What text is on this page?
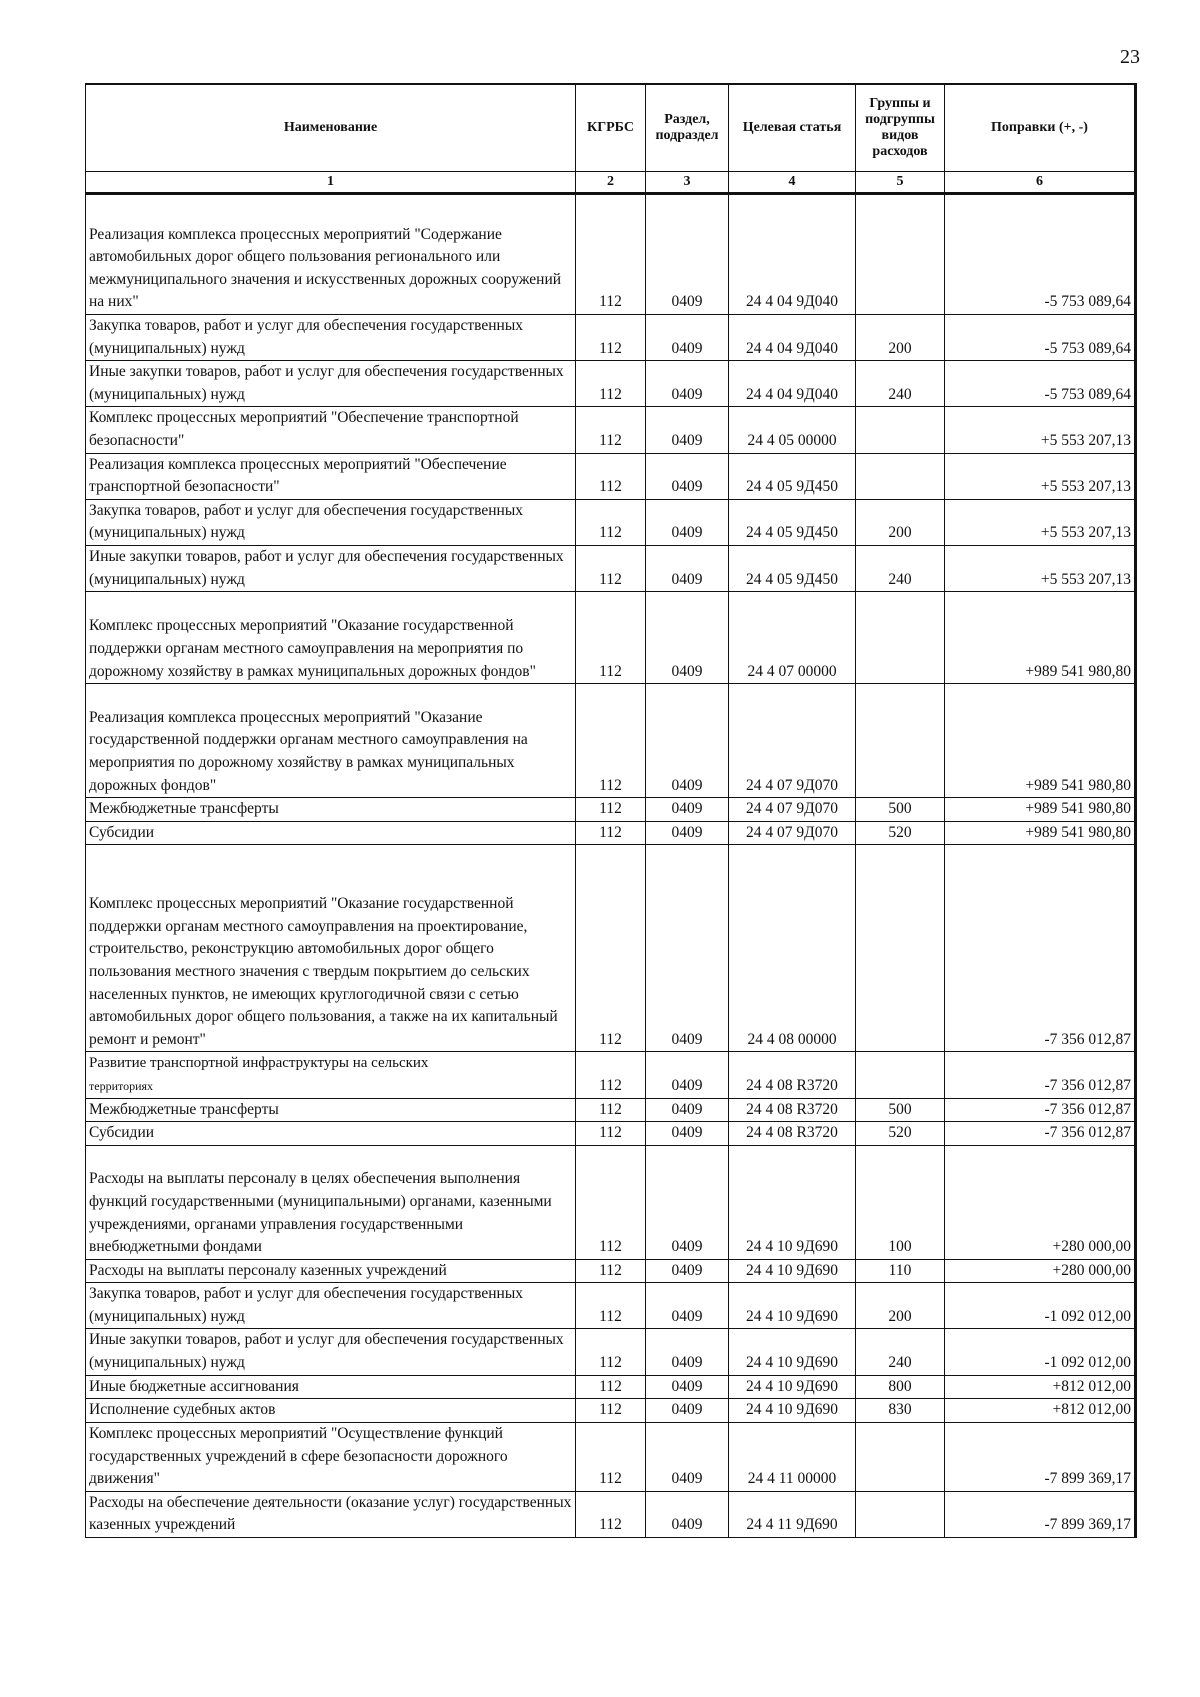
23
Наименование	КГРБС	Раздел, подраздел	Целевая статья	Группы и подгруппы видов расходов	Поправки (+, -)
1	2	3	4	5	6
Реализация комплекса процессных мероприятий "Содержание автомобильных дорог общего пользования регионального или межмуниципального значения и искусственных дорожных сооружений на них"	112	0409	24 4 04 9Д040		-5 753 089,64
Закупка товаров, работ и услуг для обеспечения государственных (муниципальных) нужд	112	0409	24 4 04 9Д040	200	-5 753 089,64
Иные закупки товаров, работ и услуг для обеспечения государственных (муниципальных) нужд	112	0409	24 4 04 9Д040	240	-5 753 089,64
Комплекс процессных мероприятий "Обеспечение транспортной безопасности"	112	0409	24 4 05 00000		+5 553 207,13
Реализация комплекса процессных мероприятий "Обеспечение транспортной безопасности"	112	0409	24 4 05 9Д450		+5 553 207,13
Закупка товаров, работ и услуг для обеспечения государственных (муниципальных) нужд	112	0409	24 4 05 9Д450	200	+5 553 207,13
Иные закупки товаров, работ и услуг для обеспечения государственных (муниципальных) нужд	112	0409	24 4 05 9Д450	240	+5 553 207,13
Комплекс процессных мероприятий "Оказание государственной поддержки органам местного самоуправления на мероприятия по дорожному хозяйству в рамках муниципальных дорожных фондов"	112	0409	24 4 07 00000		+989 541 980,80
Реализация комплекса процессных мероприятий "Оказание государственной поддержки органам местного самоуправления на мероприятия по дорожному хозяйству в рамках муниципальных дорожных фондов"	112	0409	24 4 07 9Д070		+989 541 980,80
Межбюджетные трансферты	112	0409	24 4 07 9Д070	500	+989 541 980,80
Субсидии	112	0409	24 4 07 9Д070	520	+989 541 980,80
Комплекс процессных мероприятий "Оказание государственной поддержки органам местного самоуправления на проектирование, строительство, реконструкцию автомобильных дорог общего пользования местного значения с твердым покрытием до сельских населенных пунктов, не имеющих круглогодичной связи с сетью автомобильных дорог общего пользования, а также на их капитальный ремонт и ремонт"	112	0409	24 4 08 00000		-7 356 012,87
Развитие транспортной инфраструктуры на сельских
территориях	112	0409	24 4 08 R3720		-7 356 012,87
Межбюджетные трансферты	112	0409	24 4 08 R3720	500	-7 356 012,87
Субсидии	112	0409	24 4 08 R3720	520	-7 356 012,87
Расходы на выплаты персоналу в целях обеспечения выполнения функций государственными (муниципальными) органами, казенными учреждениями, органами управления государственными внебюджетными фондами	112	0409	24 4 10 9Д690	100	+280 000,00
Расходы на выплаты персоналу казенных учреждений	112	0409	24 4 10 9Д690	110	+280 000,00
Закупка товаров, работ и услуг для обеспечения государственных (муниципальных) нужд	112	0409	24 4 10 9Д690	200	-1 092 012,00
Иные закупки товаров, работ и услуг для обеспечения государственных (муниципальных) нужд	112	0409	24 4 10 9Д690	240	-1 092 012,00
Иные бюджетные ассигнования	112	0409	24 4 10 9Д690	800	+812 012,00
Исполнение судебных актов	112	0409	24 4 10 9Д690	830	+812 012,00
Комплекс процессных мероприятий "Осуществление функций государственных учреждений в сфере безопасности дорожного движения"	112	0409	24 4 11 00000		-7 899 369,17
Расходы на обеспечение деятельности (оказание услуг) государственных казенных учреждений	112	0409	24 4 11 9Д690		-7 899 369,17
